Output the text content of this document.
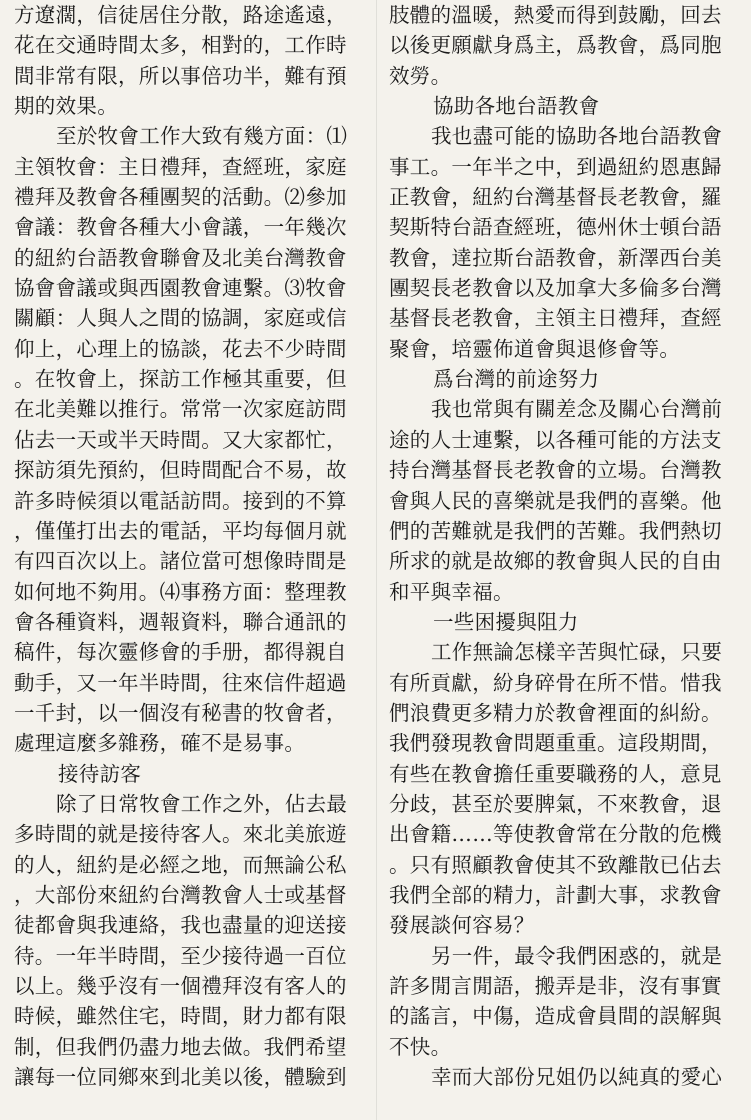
方遼濶，信徒居住分散，路途遙遠，
花在交通時間太多，相對的，工作時
間非常有限，所以事倍功半，難有預
期的效果。
至於牧會工作大致有幾方面：⑴
主領牧會：主日禮拜，查經班，家庭
禮拜及教會各種團契的活動。⑵參加
會議：教會各種大小會議，一年幾次
的紐約台語教會聯會及北美台灣教會
協會會議或與西園教會連繫。⑶牧會
關顧：人與人之間的協調，家庭或信
仰上，心理上的協談，花去不少時間
。在牧會上，探訪工作極其重要，但
在北美難以推行。常常一次家庭訪問
佔去一天或半天時間。又大家都忙，
探訪須先預約，但時間配合不易，故
許多時候須以電話訪問。接到的不算
，僅僅打出去的電話，平均每個月就
有四百次以上。諸位當可想像時間是
如何地不夠用。⑷事務方面：整理教
會各種資料，週報資料，聯合通訊的
稿件，每次靈修會的手册，都得親自
動手，又一年半時間，往來信件超過
一千封，以一個沒有秘書的牧會者，
處理這麼多雜務，確不是易事。
接待訪客
除了日常牧會工作之外，佔去最
多時間的就是接待客人。來北美旅遊
的人，紐約是必經之地，而無論公私
，大部份來紐約台灣教會人士或基督
徒都會與我連絡，我也盡量的迎送接
待。一年半時間，至少接待過一百位
以上。幾乎沒有一個禮拜沒有客人的
時候，雖然住宅，時間，財力都有限
制，但我們仍盡力地去做。我們希望
讓每一位同鄉來到北美以後，體驗到
肢體的溫暖，熱愛而得到鼓勵，回去
以後更願獻身爲主，爲教會，爲同胞
效勞。
協助各地台語教會
我也盡可能的協助各地台語教會
事工。一年半之中，到過紐約恩惠歸
正教會，紐約台灣基督長老教會，羅
契斯特台語查經班，德州休士頓台語
教會，達拉斯台語教會，新澤西台美
團契長老教會以及加拿大多倫多台灣
基督長老教會，主領主日禮拜，查經
聚會，培靈佈道會與退修會等。
爲台灣的前途努力
我也常與有關差念及關心台灣前
途的人士連繫，以各種可能的方法支
持台灣基督長老教會的立場。台灣教
會與人民的喜樂就是我們的喜樂。他
們的苦難就是我們的苦難。我們熱切
所求的就是故鄉的教會與人民的自由
和平與幸福。
一些困擾與阻力
工作無論怎樣辛苦與忙碌，只要
有所貢獻，紛身碎骨在所不惜。惜我
們浪費更多精力於教會裡面的糾紛。
我們發現教會問題重重。這段期間，
有些在教會擔任重要職務的人，意見
分歧，甚至於要脾氣，不來教會，退
出會籍……等使教會常在分散的危機
。只有照顧教會使其不致離散已佔去
我們全部的精力，計劃大事，求教會
發展談何容易？
另一件，最令我們困惑的，就是
許多閒言閒語，搬弄是非，沒有事實
的謠言，中傷，造成會員間的誤解與
不快。
幸而大部份兄姐仍以純真的愛心
